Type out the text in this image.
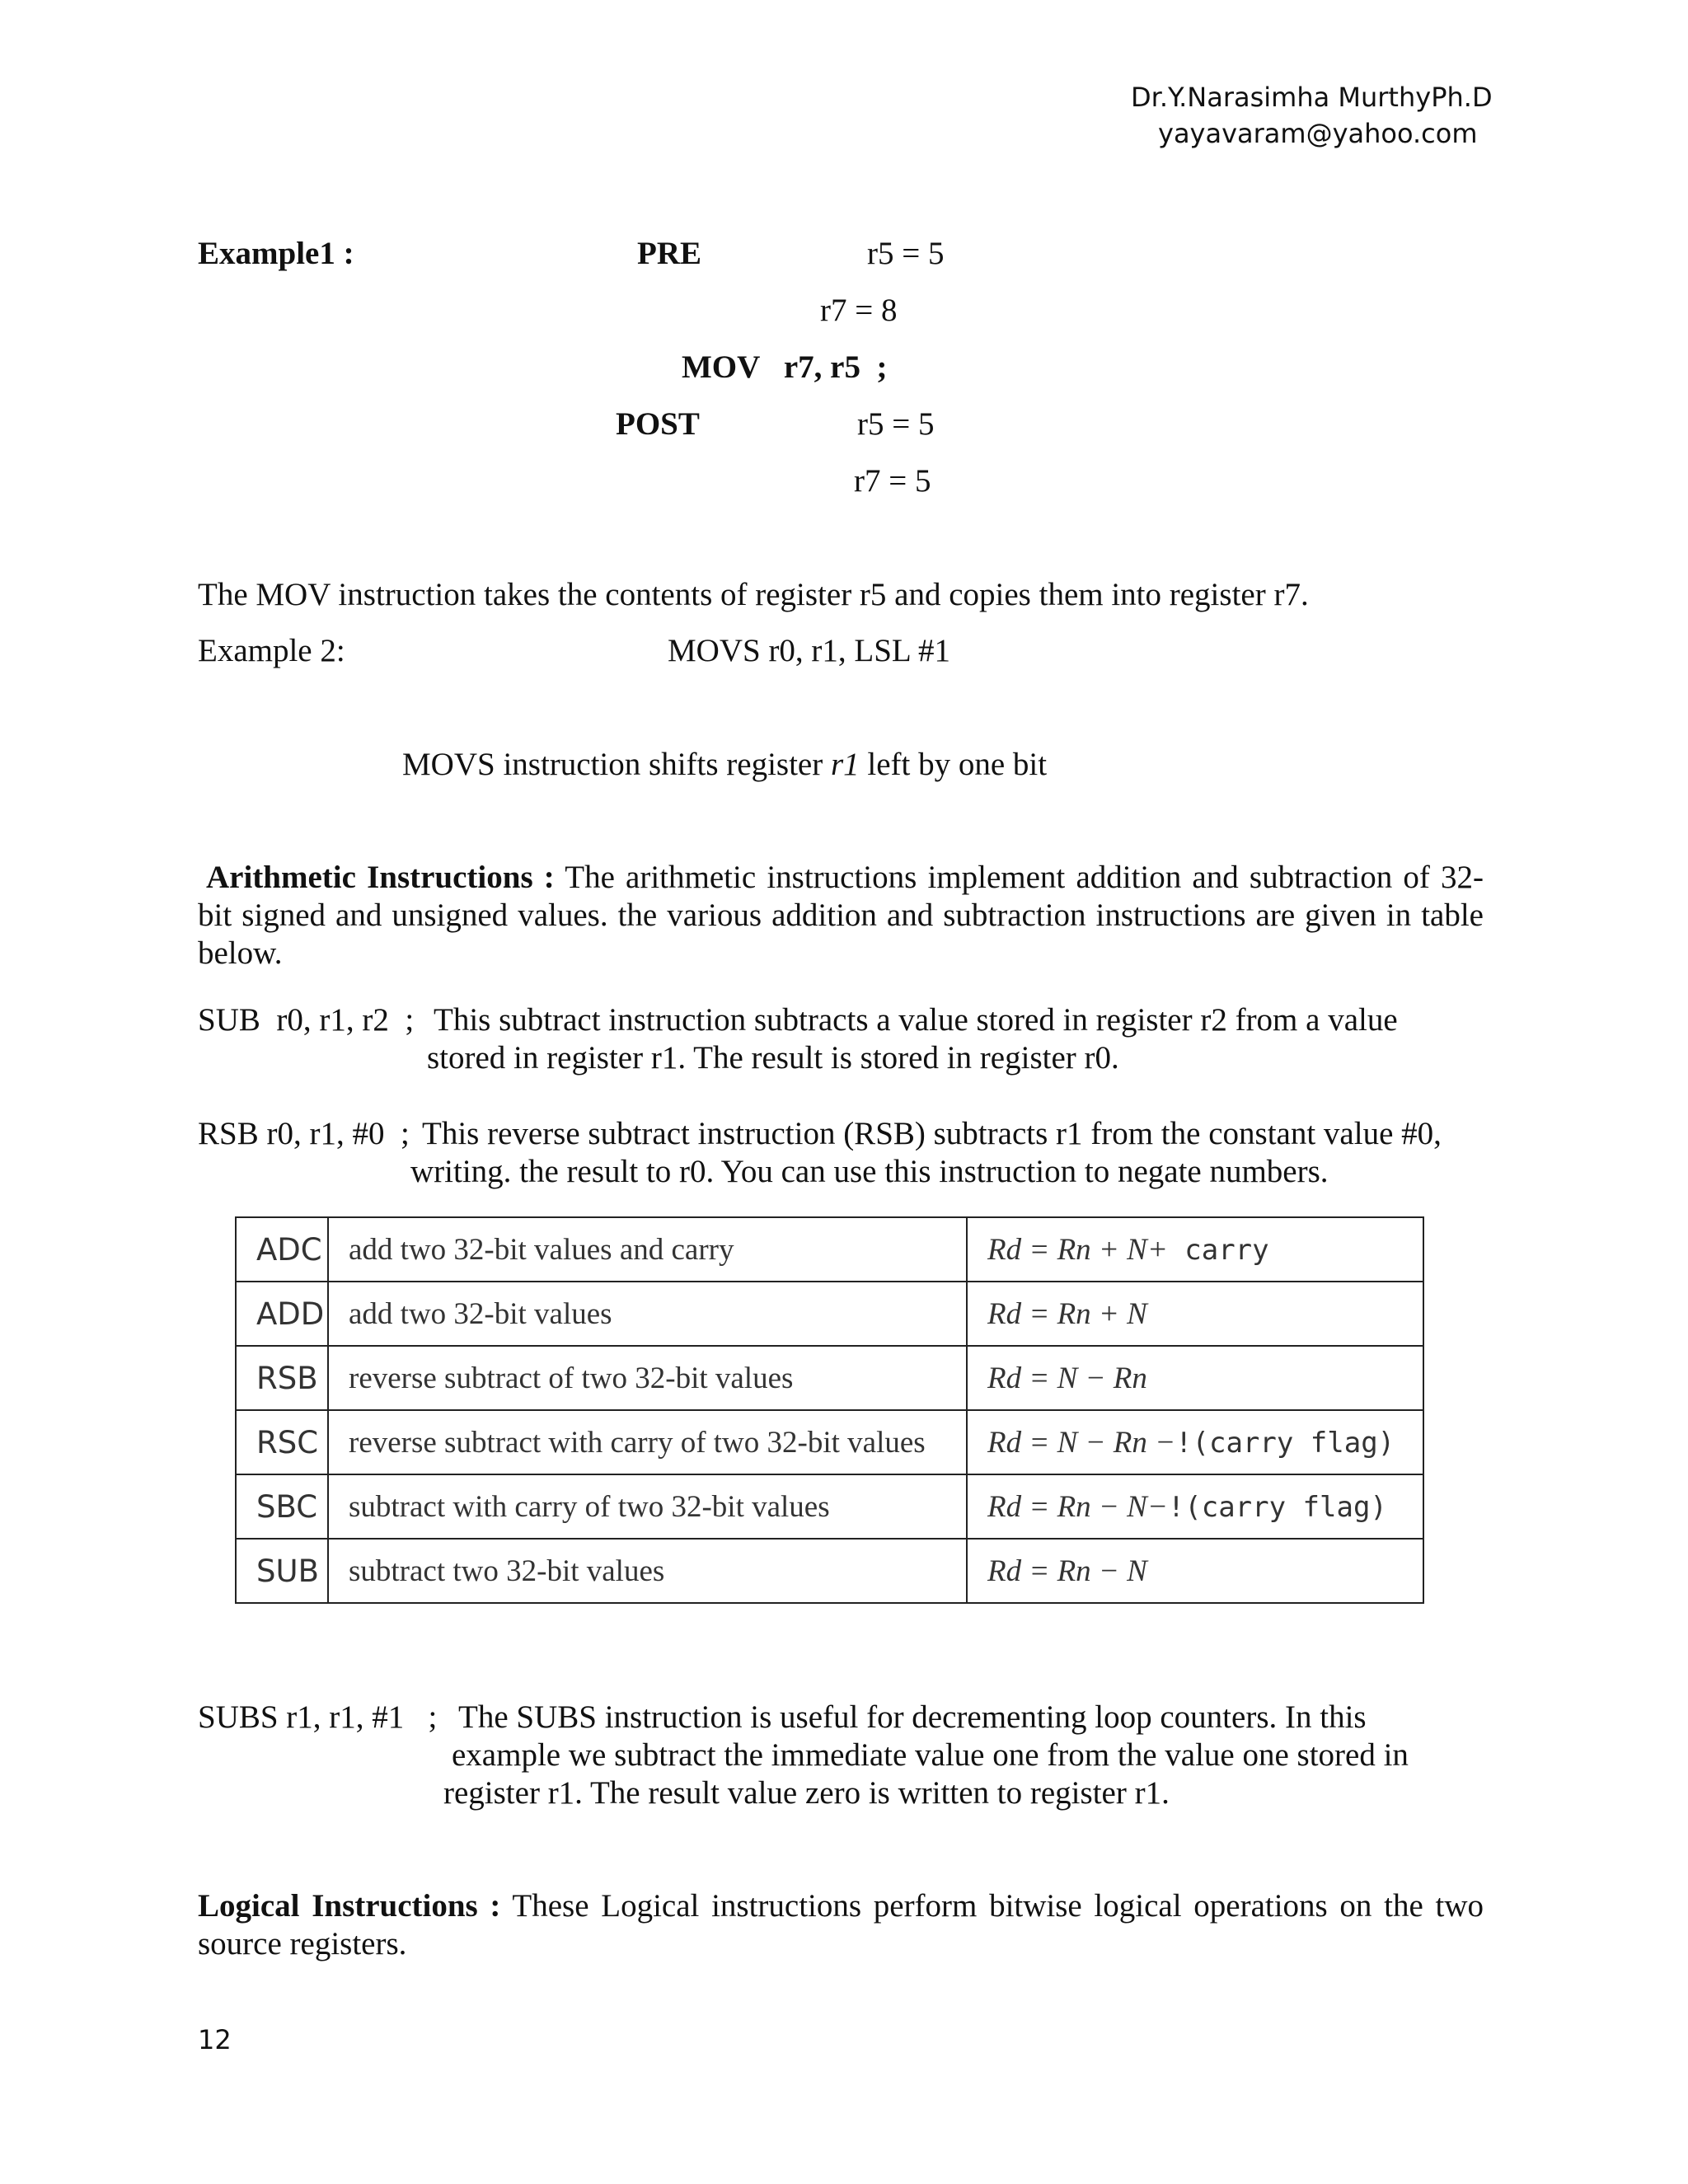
Dr.Y.Narasimha MurthyPh.D
yayavaram@yahoo.com
Example1 :	PRE	r5 = 5
r7 = 8
MOV   r7, r5  ;
POST	r5 = 5
r7 = 5
The MOV instruction takes the contents of register r5 and copies them into register r7.
Example 2:	MOVS r0, r1, LSL #1
MOVS instruction shifts register r1 left by one bit
Arithmetic Instructions : The arithmetic instructions implement addition and subtraction of 32-bit signed and unsigned values. the various addition and subtraction instructions are given in table below.
SUB  r0, r1, r2  ; This subtract instruction subtracts a value stored in register r2 from a value
stored in register r1. The result is stored in register r0.
RSB r0, r1, #0  ; This reverse subtract instruction (RSB) subtracts r1 from the constant value #0,
writing. the result to r0. You can use this instruction to negate numbers.
ADC	add two 32-bit values and carry	Rd = Rn + N+ carry
ADD	add two 32-bit values	Rd = Rn + N
RSB	reverse subtract of two 32-bit values	Rd = N − Rn
RSC	reverse subtract with carry of two 32-bit values	Rd = N − Rn −!(carry flag)
SBC	subtract with carry of two 32-bit values	Rd = Rn − N−!(carry flag)
SUB	subtract two 32-bit values	Rd = Rn − N
SUBS r1, r1, #1   ; The SUBS instruction is useful for decrementing loop counters. In this
example we subtract the immediate value one from the value one stored in
register r1. The result value zero is written to register r1.
Logical Instructions : These Logical instructions perform bitwise logical operations on the two source registers.
12
